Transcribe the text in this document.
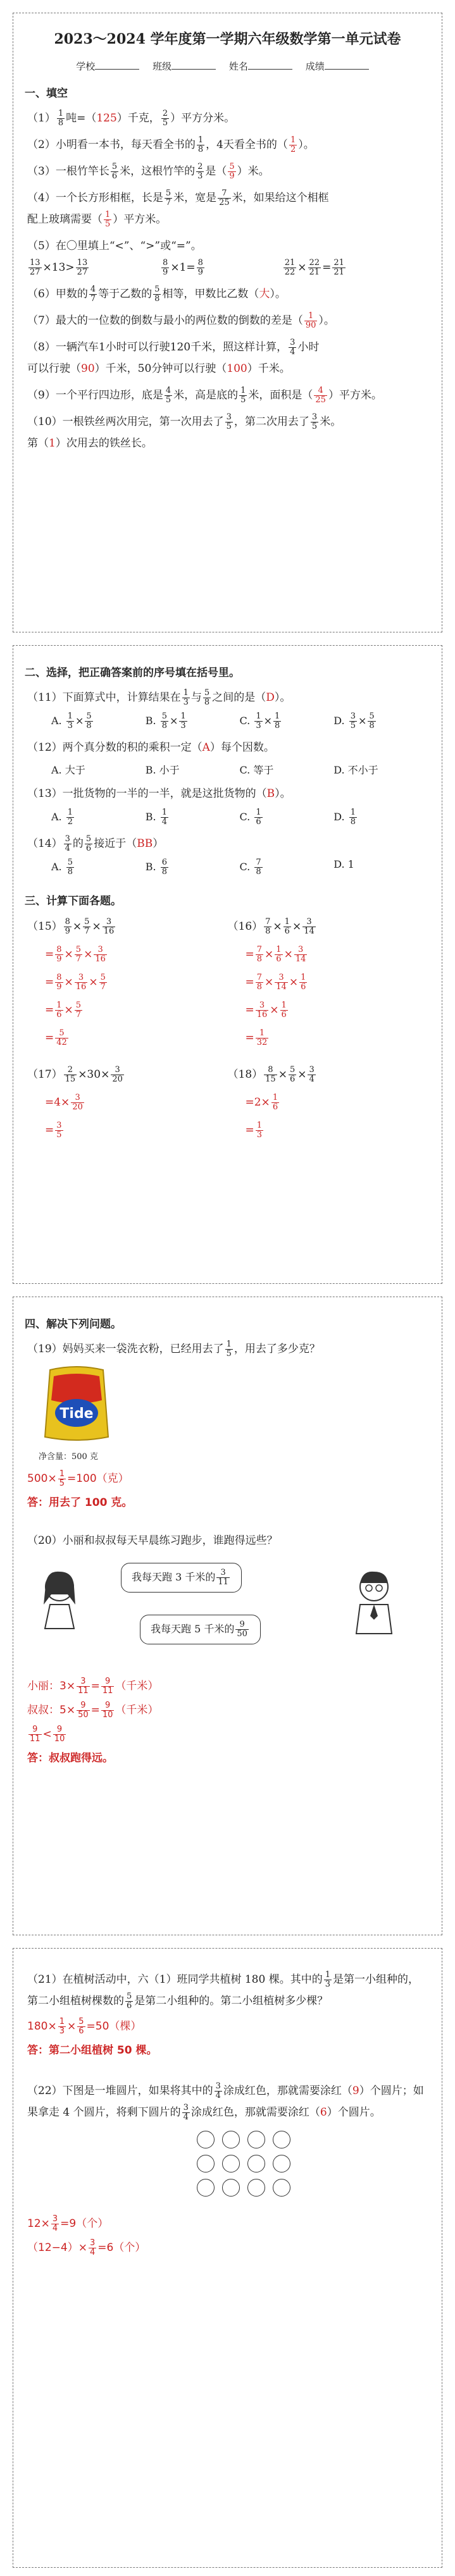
2023～2024 学年度第一学期六年级数学第一单元试卷
学校	班级	姓名	成绩
一、填空
$(1) \frac{1}{8}$ 吨=（125）千克， $\frac{2}{5}$ ）平方分米。
（2）小明看一本书，每天看全书的 $\frac{1}{8}$ ，4天看全书的（ $\frac{1}{2}$ ）。
（3）一根竹竿长 $\frac{5}{6}$ 米，这根竹竿的 $\frac{2}{3}$ 是（ $\frac{5}{9}$ ）米。
（4）一个长方形相框，长是 $\frac{5}{7}$ 米，宽是 $\frac{7}{25}$ 米，如果给这个相框
配上玻璃需要（ $\frac{1}{5}$ ）平方米。
（5）在〇里填上“<”、“>”或“=”。

$\frac{13}{27} \times 13> \frac{13}{27}$
	$\frac{8}{9} \times 1= \frac{8}{9}$
	$\frac{21}{22} \times \frac{22}{21} = \frac{21}{21}$
（6）甲数的 $\frac{4}{7}$ 等于乙数的 $\frac{5}{8}$ 相等，甲数比乙数（大）。
（7）最大的一位数的倒数与最小的两位数的倒数的差是（ $\frac{1}{90}$ ）。
（8）一辆汽车1小时可以行驶120千米，照这样计算， $\frac{3}{4}$ 小时
可以行驶（90）千米，50分钟可以行驶（100）千米。
（9）一个平行四边形，底是 $\frac{4}{5}$ 米，高是底的 $\frac{1}{5}$ 米，面积是（ $\frac{4}{25}$ ）平方米。
（10）一根铁丝两次用完，第一次用去了 $\frac{3}{5}$ ，第二次用去了 $\frac{3}{5}$ 米。
第（1）次用去的铁丝长。
二、选择，把正确答案前的序号填在括号里。
（11）下面算式中，计算结果在 $\frac{1}{3}$ 与 $\frac{5}{8}$ 之间的是（D）。
A. $\frac{1}{3} \times \frac{5}{8}$	B. $\frac{5}{8} \times \frac{1}{3}$	C. $\frac{1}{3} \times \frac{1}{8}$	D. $\frac{3}{5} \times \frac{5}{8}$
（12）两个真分数的积的乘积一定（A）每个因数。
A. 大于	B. 小于	C. 等于	D. 不小于
（13）一批货物的一半的一半，就是这批货物的（B）。
A. $\frac{1}{2}$	B. $\frac{1}{4}$	C. $\frac{1}{6}$	D. $\frac{1}{8}$
$(14) \frac{3}{4}$ 的 $\frac{5}{6}$ 接近于（BB）
A. $\frac{5}{8}$	B. $\frac{6}{8}$	C. $\frac{7}{8}$	D. 1
三、计算下面各题。
$(15) \frac{8}{9} \times \frac{5}{7} \times \frac{3}{16}$
= $\frac{8}{9} \times \frac{5}{7} \times \frac{3}{16}$
= $\frac{8}{9} \times \frac{3}{16} \times \frac{5}{7}$
= $\frac{1}{6} \times \frac{5}{7}$
= $\frac{5}{42}$
$(16) \frac{7}{8} \times \frac{1}{6} \times \frac{3}{14}$
= $\frac{7}{8} \times \frac{1}{6} \times \frac{3}{14}$
= $\frac{7}{8} \times \frac{3}{14} \times \frac{1}{6}$
= $\frac{3}{16} \times \frac{1}{6}$
= $\frac{1}{32}$
$(17) \frac{2}{15} \times 30\times \frac{3}{20}$
$=4\times \frac{3}{20}$
= $\frac{3}{5}$
$(18) \frac{8}{15} \times \frac{5}{6} \times \frac{3}{4}$
$=2\times \frac{1}{6}$
= $\frac{1}{3}$
四、解决下列问题。
（19）妈妈买来一袋洗衣粉，已经用去了 $\frac{1}{5}$ ，用去了多少克？
Tide
净含量：500 克
$500\times \frac{1}{5} =100$（克）
答：用去了 100 克。
（20）小丽和叔叔每天早晨练习跑步，谁跑得远些？
我每天跑 3 千米的 $\frac{3}{11}$
我每天跑 5 千米的 $\frac{9}{50}$
小丽：$3\times \frac{3}{11} = \frac{9}{11}$ （千米）
叔叔：$5\times \frac{9}{50} = \frac{9}{10}$ （千米）
$\frac{9}{11} < \frac{9}{10}$
答：叔叔跑得远。
（21）在植树活动中，六（1）班同学共植树 180 棵。其中的 $\frac{1}{3}$ 是第一小组种的，第二小组植树棵数的 $\frac{5}{6}$ 是第二小组种的。第二小组植树多少棵？
$180\times \frac{1}{3} \times \frac{5}{6} =50$（棵）
答：第二小组植树 50 棵。
（22）下图是一堆圆片，如果将其中的 $\frac{3}{4}$ 涂成红色，那就需要涂红（9）个圆片；如果拿走 4 个圆片，将剩下圆片的 $\frac{3}{4}$ 涂成红色，那就需要涂红（6）个圆片。
$12\times \frac{3}{4} =9$（个）
$(12-4)\times \frac{3}{4} =6$（个）
